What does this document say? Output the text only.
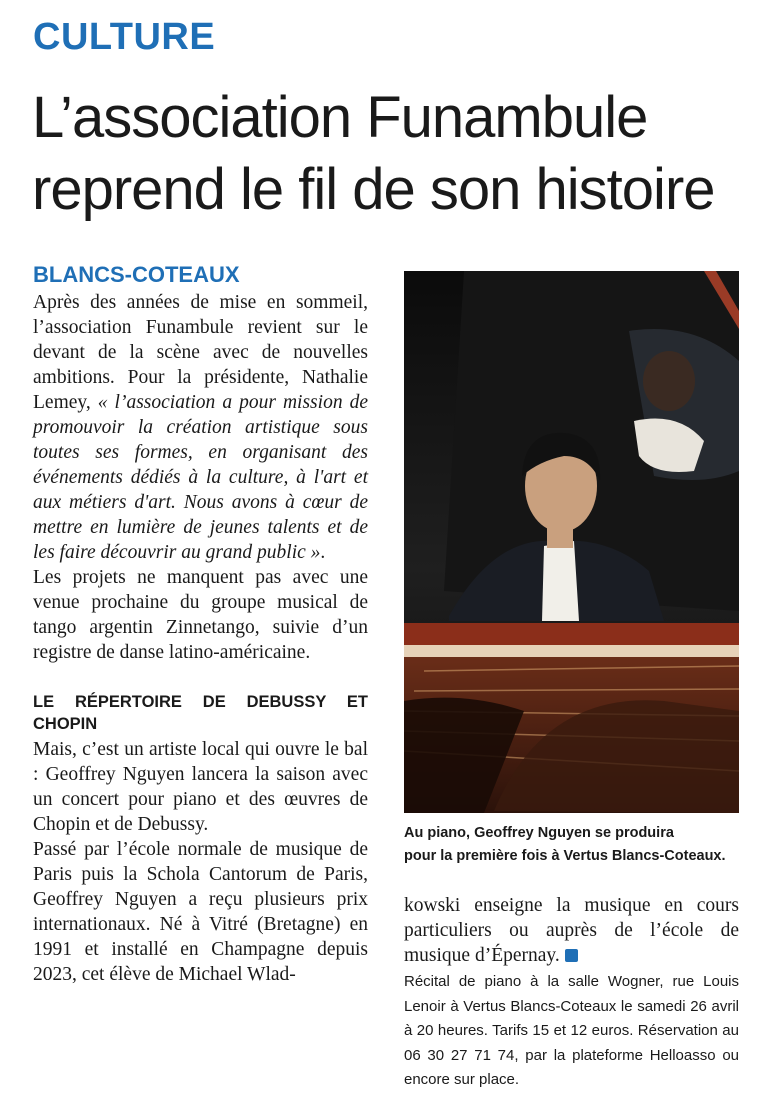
CULTURE
L’association Funambule
reprend le fil de son histoire
BLANCS-COTEAUX

Après des années de mise en sommeil, l’association Funambule revient sur le devant de la scène avec de nouvelles ambitions. Pour la présidente, Nathalie Lemey, « l’association a pour mission de promouvoir la création artistique sous toutes ses formes, en organisant des événements dédiés à la culture, à l'art et aux métiers d'art. Nous avons à cœur de mettre en lumière de jeunes talents et de les faire découvrir au grand public ».

Les projets ne manquent pas avec une venue prochaine du groupe musical de tango argentin Zinnetango, suivie d’un registre de danse latino-américaine.

LE RÉPERTOIRE DE DEBUSSY ET CHOPIN

Mais, c’est un artiste local qui ouvre le bal : Geoffrey Nguyen lancera la saison avec un concert pour piano et des œuvres de Chopin et de Debussy.

Passé par l’école normale de musique de Paris puis la Schola Cantorum de Paris, Geoffrey Nguyen a reçu plusieurs prix internationaux. Né à Vitré (Bretagne) en 1991 et installé en Champagne depuis 2023, cet élève de Michael Wlad-

Au piano, Geoffrey Nguyen se produira
pour la première fois à Vertus Blancs-Coteaux.

kowski enseigne la musique en cours particuliers ou auprès de l’école de musique d’Épernay.

Récital de piano à la salle Wogner, rue Louis Lenoir à Vertus Blancs-Coteaux le samedi 26 avril à 20 heures. Tarifs 15 et 12 euros. Réservation au 06 30 27 71 74, par la plateforme Helloasso ou encore sur place.
